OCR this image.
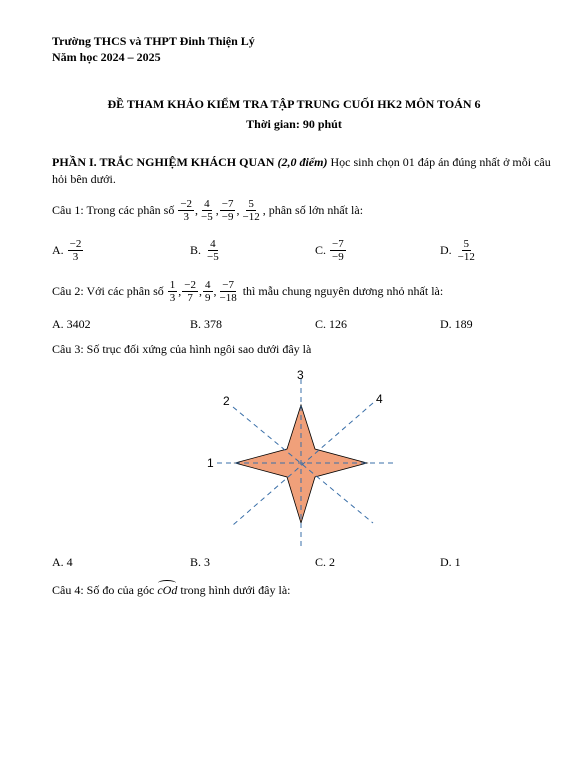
Trường THCS và THPT Đinh Thiện Lý
Năm học 2024 – 2025
ĐỀ THAM KHẢO KIỂM TRA TẬP TRUNG CUỐI HK2 MÔN TOÁN 6
Thời gian: 90 phút
PHẦN I. TRẮC NGHIỆM KHÁCH QUAN (2,0 điểm) Học sinh chọn 01 đáp án đúng nhất ở mỗi câu
hỏi bên dưới.
Câu 1: Trong các phân số
$\frac{-2}{3}$ , $\frac{4}{-5}$ , $\frac{-7}{-9}$ , $\frac{5}{-12}$ , phân số lớn nhất là:
A. $\frac{-2}{3}$	B. $\frac{4}{-5}$	C. $\frac{-7}{-9}$	D. $\frac{5}{-12}$
Câu 2: Với các phân số
$\frac{1}{3}$ , $\frac{-2}{7}$ , $\frac{4}{9}$ , $\frac{-7}{-18}$
thì mẫu chung nguyên dương nhỏ nhất là:
A. 3402	B. 378	C. 126	D. 189
Câu 3: Số trục đối xứng của hình ngôi sao dưới đây là
1
2
3
4
A. 4	B. 3	C. 2	D. 1
Câu 4: Số đo của góc cOd trong hình dưới đây là:
